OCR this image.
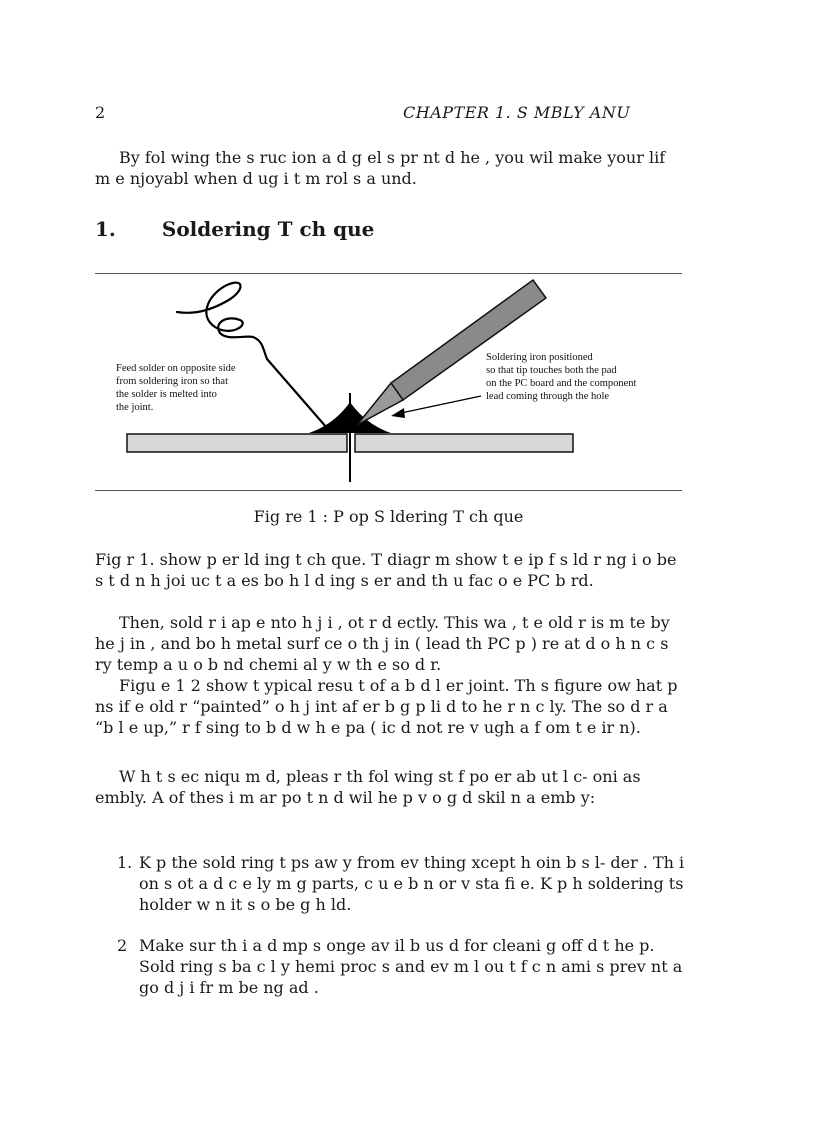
2	CHAPTER 1. S MBLY ANU
By fol wing the s ruc ion a d g el s pr nt d he , you wil make your lif m e njoyabl when d ug i t m rol s a und.
1. Soldering T ch que
Feed solder on opposite side from soldering iron so that the solder is melted into the joint.
Soldering iron positioned so that tip touches both the pad on the PC board and the component lead coming through the hole
Fig re 1 : P op S ldering T ch que
Fig r 1. show p er ld ing t ch que. T diagr m show t e ip f s ld r ng i o be s t d n h joi uc t a es bo h l d ing s er and th u fac o e PC b rd.
Then, sold r i ap e nto h j i , ot r d ectly. This wa , t e old r is m te by he j in , and bo h metal surf ce o th j in ( lead th PC p ) re at d o h n c s ry temp a u o b nd chemi al y w th e so d r.
Figu e 1 2 show t ypical resu t of a b d l er joint. Th s figure ow hat p ns if e old r “painted” o h j int af er b g p li d to he r n c ly. The so d r a “b l e up,” r f sing to b d w h e pa ( ic d not re v ugh a f om t e ir n).
W h t s ec niqu m d, pleas r th fol wing st f po er ab ut l c- oni as embly. A of thes i m ar po t n d wil he p v o g d skil n a emb y:
1. K p the sold ring t ps aw y from ev thing xcept h oin b s l- der . Th i on s ot a d c e ly m g parts, c u e b n or v sta fi e. K p h soldering ts holder w n it s o be g h ld.
2 Make sur th i a d mp s onge av il b us d for cleani g off d t he p. Sold ring s ba c l y hemi proc s and ev m l ou t f c n ami s prev nt a go d j i fr m be ng ad .
